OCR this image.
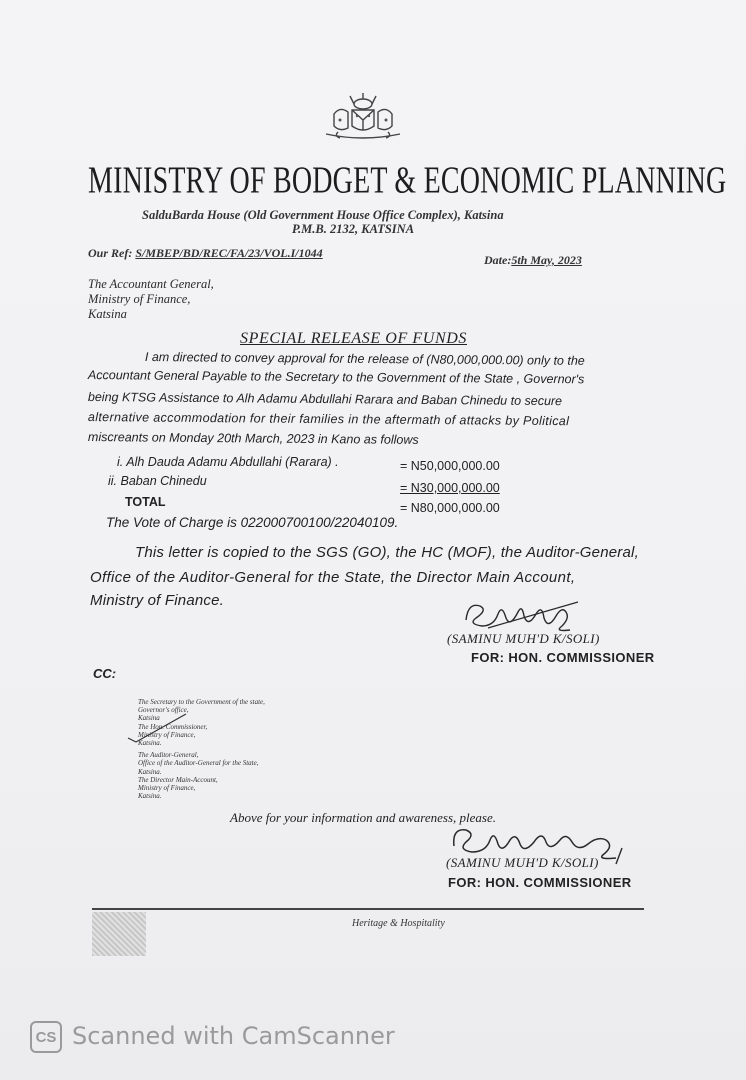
MINISTRY OF BODGET & ECONOMIC PLANNING
SalduBarda House (Old Government House Office Complex), Katsina
P.M.B. 2132, KATSINA
Our Ref: S/MBEP/BD/REC/FA/23/VOL.I/1044	Date:5th May, 2023
The Accountant General,
Ministry of Finance,
Katsina
SPECIAL RELEASE OF FUNDS
I am directed to convey approval for the release of (N80,000,000.00) only to the
Accountant General Payable to the Secretary to the Government of the State , Governor's
being KTSG Assistance to Alh Adamu Abdullahi Rarara and Baban Chinedu to secure
alternative accommodation for their families in the aftermath of attacks by Political
miscreants on Monday 20th March, 2023 in Kano as follows
i. Alh Dauda Adamu Abdullahi (Rarara) .	= N50,000,000.00
ii. Baban Chinedu	= N30,000,000.00
TOTAL	= N80,000,000.00
The Vote of Charge is 022000700100/22040109.
This letter is copied to the SGS (GO), the HC (MOF), the Auditor-General,
Office of the Auditor-General for the State, the Director Main Account,
Ministry of Finance.
(SAMINU MUH'D K/SOLI)
FOR: HON. COMMISSIONER
CC:
The Secretary to the Government of the state,
Governor's office,
Katsina
The Hon. Commissioner,
Ministry of Finance,
Katsina.
The Auditor-General,
Office of the Auditor-General for the State,
Katsina.
The Director Main-Account,
Ministry of Finance,
Katsina.
Above for your information and awareness, please.
(SAMINU MUH'D K/SOLI)
FOR: HON. COMMISSIONER
Heritage & Hospitality
CS Scanned with CamScanner
